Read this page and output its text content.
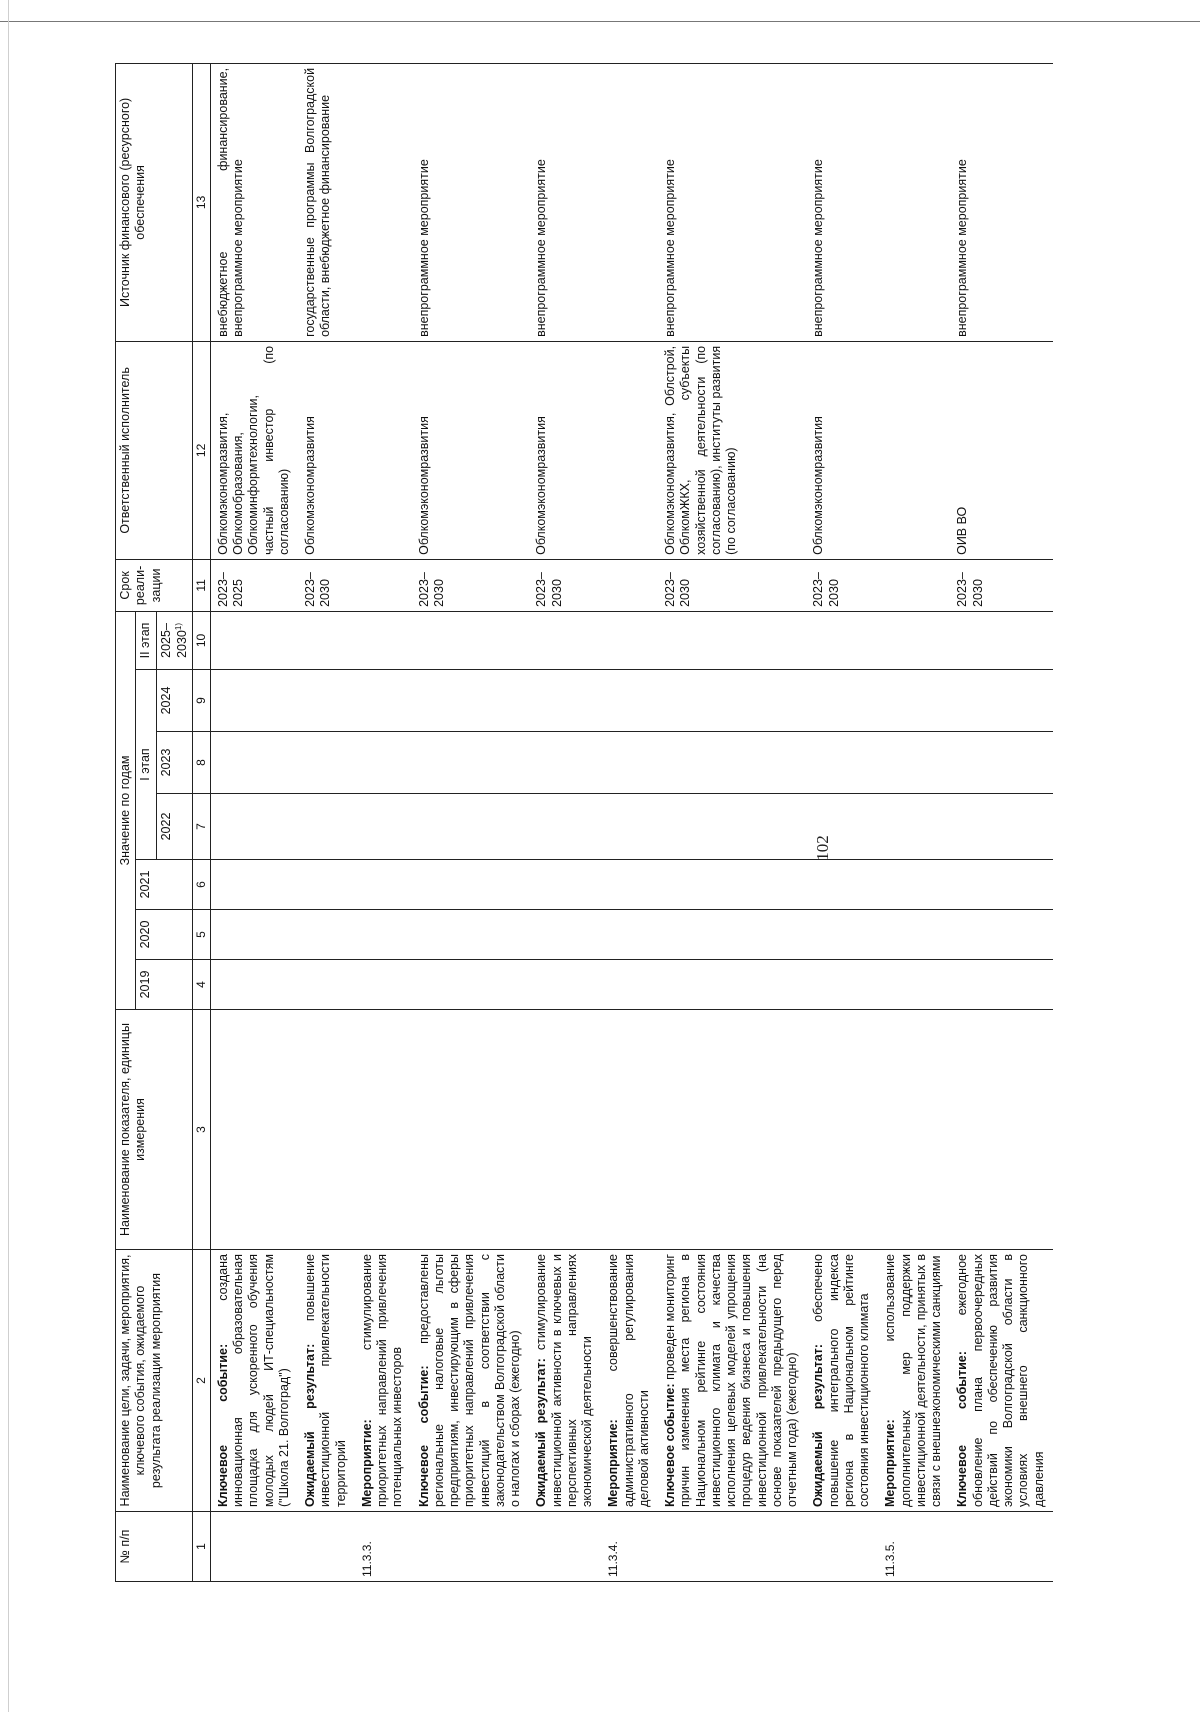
102
№ п/п	Наименование цели, задачи, мероприятия, ключевого события, ожидаемого результата реализации мероприятия	Наименование показателя, единицы измерения	Значение по годам							Срок реали-зации	Ответственный исполнитель	Источник финансового (ресурсного) обеспечения
			2019	2020	2021	I этап			II этап			
						2022	2023	2024	2025–2030$^{1)}$
1	2	3	4	5	6	7	8	9	10	11	12	13
	Ключевое событие: создана инновационная образовательная площадка для ускоренного обучения молодых людей ИТ-специальностям ("Школа 21. Волгоград")									2023–2025	Облкомэкономразвития, Облкомобразования, Облкоминформтехнологии, частный инвестор (по согласованию)	внебюджетное финансирование, внепрограммное мероприятие
	Ожидаемый результат: повышение инвестиционной привлекательности территорий									2023–2030	Облкомэкономразвития	государственные программы Волгоградской области, внебюджетное финансирование
11.3.3.	Мероприятие: стимулирование приоритетных направлений привлечения потенциальных инвесторов											
	Ключевое событие: предоставлены региональные налоговые льготы предприятиям, инвестирующим в сферы приоритетных направлений привлечения инвестиций в соответствии с законодательством Волгоградской области о налогах и сборах (ежегодно)									2023–2030	Облкомэкономразвития	внепрограммное мероприятие
	Ожидаемый результат: стимулирование инвестиционной активности в ключевых и перспективных направлениях экономической деятельности									2023–2030	Облкомэкономразвития	внепрограммное мероприятие
11.3.4.	Мероприятие: совершенствование административного регулирования деловой активности											
	Ключевое событие: проведен мониторинг причин изменения места региона в Национальном рейтинге состояния инвестиционного климата и качества исполнения целевых моделей упрощения процедур ведения бизнеса и повышения инвестиционной привлекательности (на основе показателей предыдущего перед отчетным года) (ежегодно)									2023–2030	Облкомэкономразвития, Облстрой, ОблкомЖКХ, субъекты хозяйственной деятельности (по согласованию), институты развития (по согласованию)	внепрограммное мероприятие
	Ожидаемый результат: обеспечено повышение интегрального индекса региона в Национальном рейтинге состояния инвестиционного климата									2023–2030	Облкомэкономразвития	внепрограммное мероприятие
11.3.5.	Мероприятие: использование дополнительных мер поддержки инвестиционной деятельности, принятых в связи с внешнеэкономическими санкциями											
	Ключевое событие: ежегодное обновление плана первоочередных действий по обеспечению развития экономики Волгоградской области в условиях внешнего санкционного давления									2023–2030	ОИВ ВО	внепрограммное мероприятие
